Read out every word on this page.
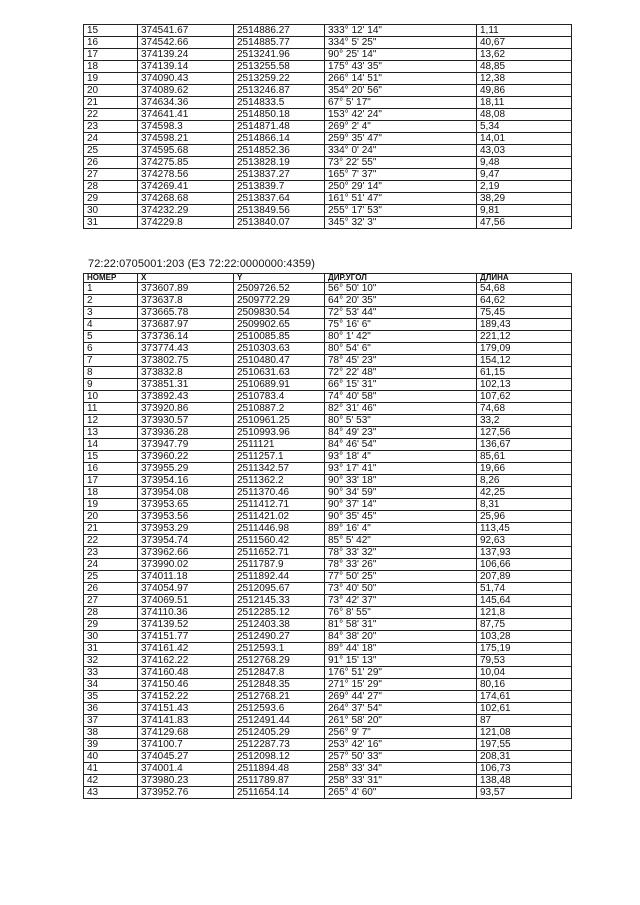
15	374541.67	2514886.27	333° 12' 14"	1,11
16	374542.66	2514885.77	334° 5' 25"	40,67
17	374139.24	2513241.96	90° 25' 14"	13,62
18	374139.14	2513255.58	175° 43' 35"	48,85
19	374090.43	2513259.22	266° 14' 51"	12,38
20	374089.62	2513246.87	354° 20' 56"	49,86
21	374634.36	2514833.5	67° 5' 17"	18,11
22	374641.41	2514850.18	153° 42' 24"	48,08
23	374598.3	2514871.48	269° 2' 4"	5,34
24	374598.21	2514866.14	259° 35' 47"	14,01
25	374595.68	2514852.36	334° 0' 24"	43,03
26	374275.85	2513828.19	73° 22' 55"	9,48
27	374278.56	2513837.27	165° 7' 37"	9,47
28	374269.41	2513839.7	250° 29' 14"	2,19
29	374268.68	2513837.64	161° 51' 47"	38,29
30	374232.29	2513849.56	255° 17' 53"	9,81
31	374229.8	2513840.07	345° 32' 3"	47,56
72:22:0705001:203 (ЕЗ 72:22:0000000:4359)
НОМЕР	X	Y	ДИР.УГОЛ	ДЛИНА
1	373607.89	2509726.52	56° 50' 10"	54,68
2	373637.8	2509772.29	64° 20' 35"	64,62
3	373665.78	2509830.54	72° 53' 44"	75,45
4	373687.97	2509902.65	75° 16' 6"	189,43
5	373736.14	2510085.85	80° 1' 42"	221,12
6	373774.43	2510303.63	80° 54' 6"	179,09
7	373802.75	2510480.47	78° 45' 23"	154,12
8	373832.8	2510631.63	72° 22' 48"	61,15
9	373851.31	2510689.91	66° 15' 31"	102,13
10	373892.43	2510783.4	74° 40' 58"	107,62
11	373920.86	2510887.2	82° 31' 46"	74,68
12	373930.57	2510961.25	80° 5' 53"	33,2
13	373936.28	2510993.96	84° 49' 23"	127,56
14	373947.79	2511121	84° 46' 54"	136,67
15	373960.22	2511257.1	93° 18' 4"	85,61
16	373955.29	2511342.57	93° 17' 41"	19,66
17	373954.16	2511362.2	90° 33' 18"	8,26
18	373954.08	2511370.46	90° 34' 59"	42,25
19	373953.65	2511412.71	90° 37' 14"	8,31
20	373953.56	2511421.02	90° 35' 45"	25,96
21	373953.29	2511446.98	89° 16' 4"	113,45
22	373954.74	2511560.42	85° 5' 42"	92,63
23	373962.66	2511652.71	78° 33' 32"	137,93
24	373990.02	2511787.9	78° 33' 26"	106,66
25	374011.18	2511892.44	77° 50' 25"	207,89
26	374054.97	2512095.67	73° 40' 50"	51,74
27	374069.51	2512145.33	73° 42' 37"	145,64
28	374110.36	2512285.12	76° 8' 55"	121,8
29	374139.52	2512403.38	81° 58' 31"	87,75
30	374151.77	2512490.27	84° 38' 20"	103,28
31	374161.42	2512593.1	89° 44' 18"	175,19
32	374162.22	2512768.29	91° 15' 13"	79,53
33	374160.48	2512847.8	176° 51' 29"	10,04
34	374150.46	2512848.35	271° 15' 29"	80,16
35	374152.22	2512768.21	269° 44' 27"	174,61
36	374151.43	2512593.6	264° 37' 54"	102,61
37	374141.83	2512491.44	261° 58' 20"	87
38	374129.68	2512405.29	256° 9' 7"	121,08
39	374100.7	2512287.73	253° 42' 16"	197,55
40	374045.27	2512098.12	257° 50' 33"	208,31
41	374001.4	2511894.48	258° 33' 34"	106,73
42	373980.23	2511789.87	258° 33' 31"	138,48
43	373952.76	2511654.14	265° 4' 60"	93,57
